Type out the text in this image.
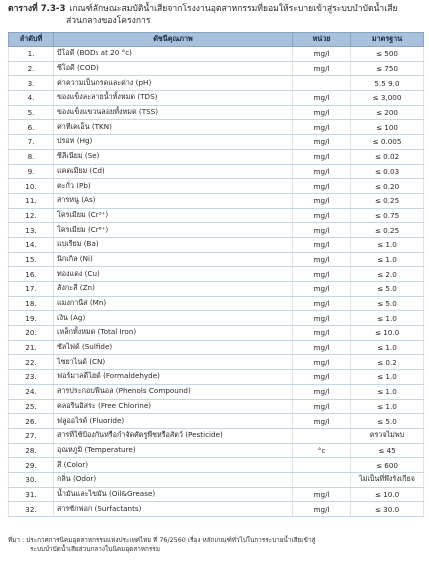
ตารางที่ 7.3-3 เกณฑ์ลักษณะสมบัติน้ำเสียจากโรงงานอุตสาหกรรมที่ยอมให้ระบายเข้าสู่ระบบบำบัดน้ำเสีย
ส่วนกลางของโครงการ
ลำดับที่	ดัชนีคุณภาพ	หน่วย	มาตรฐาน
1.	บีโอดี (BOD₅ at 20 °c)	mg/l	≤ 500
2.	ซีโอดี (COD)	mg/l	≤ 750
3.	ค่าความเป็นกรดและด่าง (pH)		5.5 9.0
4.	ของแข็งละลายน้ำทั้งหมด (TDS)	mg/l	≤ 3,000
5.	ของแข็งแขวนลอยทั้งหมด (TSS)	mg/l	≤ 200
6.	ค่าทีเคเอ็น (TKN)	mg/l	≤ 100
7.	ปรอท (Hg)	mg/l	≤ 0.005
8.	ซีลีเนียม (Se)	mg/l	≤ 0.02
9.	แคดเมียม (Cd)	mg/l	≤ 0.03
10.	ตะกั่ว (Pb)	mg/l	≤ 0.20
11.	สารหนู (As)	mg/l	≤ 0.25
12.	โครเมียม (Cr³⁺)	mg/l	≤ 0.75
13.	โครเมียม (Cr⁶⁺)	mg/l	≤ 0.25
14.	แบเรียม (Ba)	mg/l	≤ 1.0
15.	นิกเกิล (Ni)	mg/l	≤ 1.0
16.	ทองแดง (Cu)	mg/l	≤ 2.0
17.	สังกะสี (Zn)	mg/l	≤ 5.0
18.	แมงกานีส (Mn)	mg/l	≤ 5.0
19.	เงิน (Ag)	mg/l	≤ 1.0
20.	เหล็กทั้งหมด (Total Iron)	mg/l	≤ 10.0
21.	ซัลไฟด์ (Sulfide)	mg/l	≤ 1.0
22.	ไซยาไนด์ (CN)	mg/l	≤ 0.2
23.	ฟอร์มาลดีไฮด์ (Formaldehyde)	mg/l	≤ 1.0
24.	สารประกอบฟีนอล (Phenols Compound)	mg/l	≤ 1.0
25.	คลอรีนอิสระ (Free Chlorine)	mg/l	≤ 1.0
26.	ฟลูออไรด์ (Fluoride)	mg/l	≤ 5.0
27.	สารที่ใช้ป้องกันหรือกำจัดศัตรูพืชหรือสัตว์ (Pesticide)		ตรวจไม่พบ
28.	อุณหภูมิ (Temperature)	°c	≤ 45
29.	สี (Color)		≤ 600
30.	กลิ่น (Odor)		ไม่เป็นที่พึงรังเกียจ
31.	น้ำมันและไขมัน (Oil&Grease)	mg/l	≤ 10.0
32.	สารซักฟอก (Surfactants)	mg/l	≤ 30.0
ที่มา : ประกาศการนิคมอุตสาหกรรมแห่งประเทศไทย ที่ 76/2560 เรื่อง หลักเกณฑ์ทั่วไปในการระบายน้ำเสียเข้าสู่
ระบบบำบัดน้ำเสียส่วนกลางในนิคมอุตสาหกรรม
